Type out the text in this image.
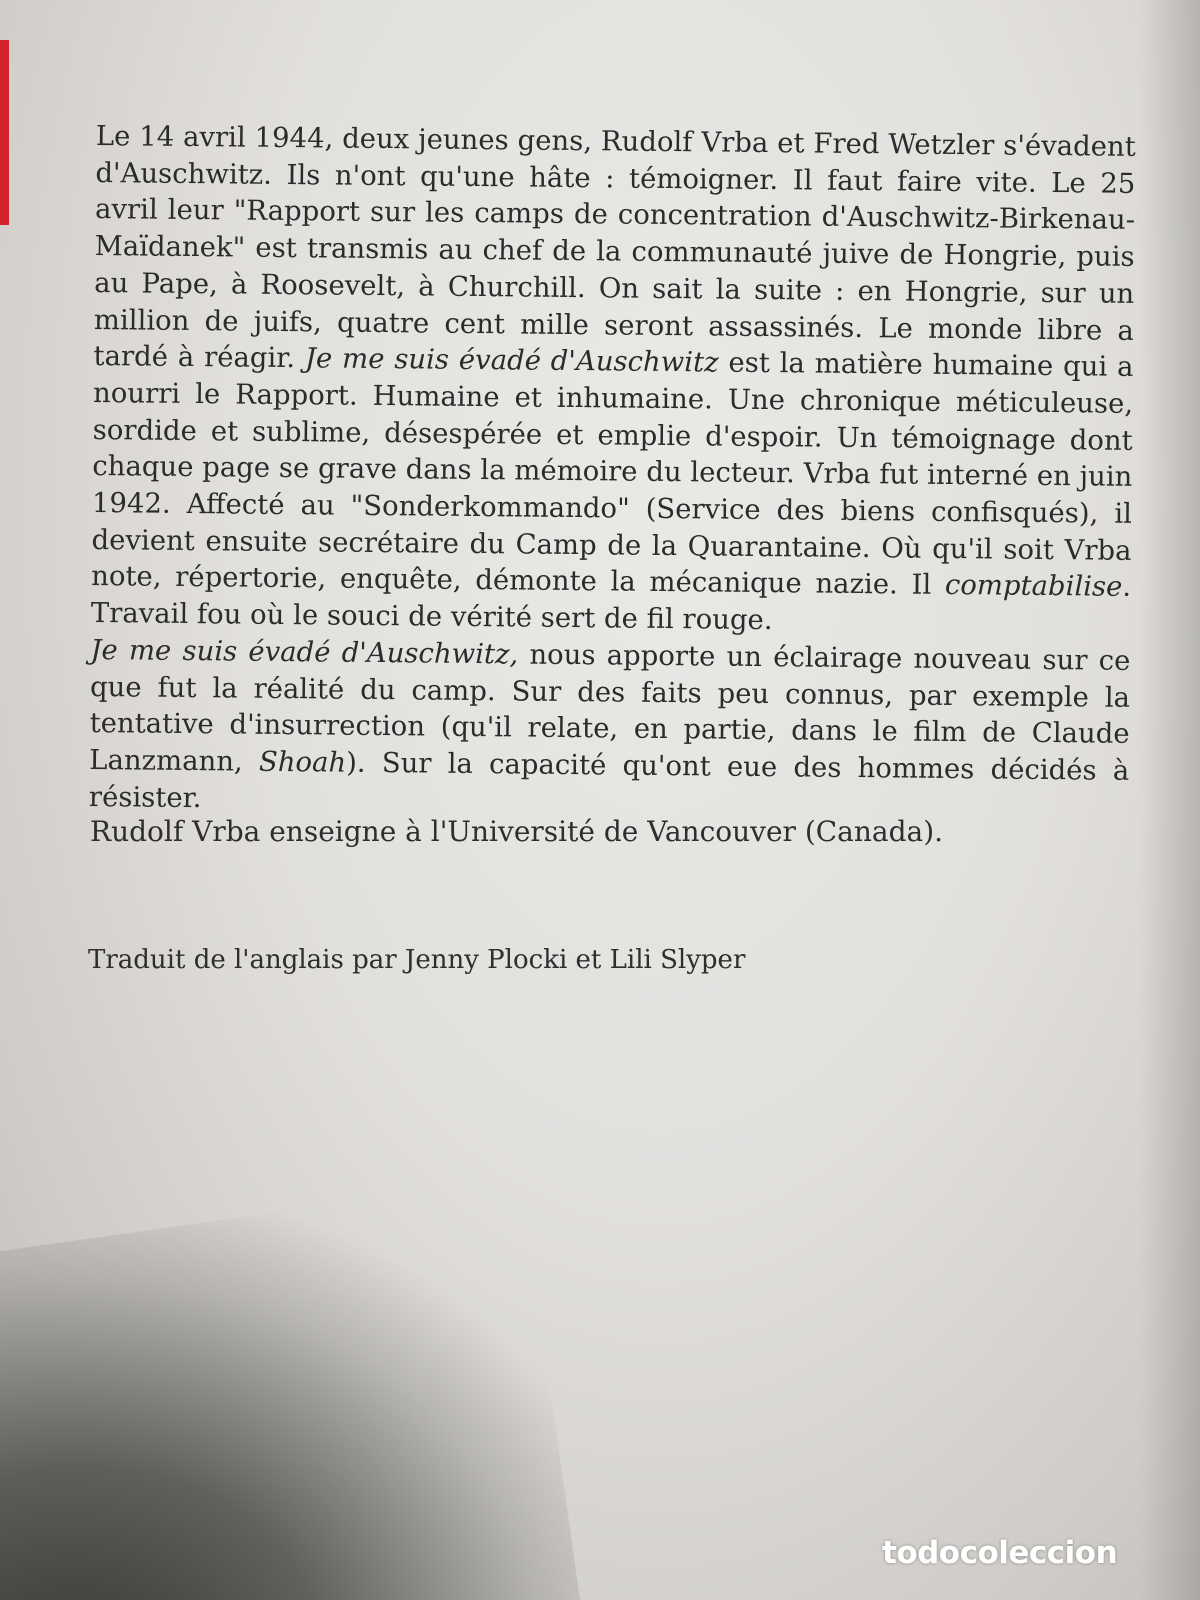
Le 14 avril 1944, deux jeunes gens, Rudolf Vrba et Fred Wetzler s'évadent d'Auschwitz. Ils n'ont qu'une hâte : témoigner. Il faut faire vite. Le 25 avril leur "Rapport sur les camps de concentration d'Auschwitz-Birkenau-Maïdanek" est transmis au chef de la communauté juive de Hongrie, puis au Pape, à Roosevelt, à Churchill. On sait la suite : en Hongrie, sur un million de juifs, quatre cent mille seront assassinés. Le monde libre a tardé à réagir. Je me suis évadé d'Auschwitz est la matière humaine qui a nourri le Rapport. Humaine et inhumaine. Une chronique méticuleuse, sordide et sublime, désespérée et emplie d'espoir. Un témoignage dont chaque page se grave dans la mémoire du lecteur. Vrba fut interné en juin 1942. Affecté au "Sonderkommando" (Service des biens confisqués), il devient ensuite secrétaire du Camp de la Quarantaine. Où qu'il soit Vrba note, répertorie, enquête, démonte la mécanique nazie. Il comptabilise. Travail fou où le souci de vérité sert de fil rouge.

Je me suis évadé d'Auschwitz, nous apporte un éclairage nouveau sur ce que fut la réalité du camp. Sur des faits peu connus, par exemple la tentative d'insurrection (qu'il relate, en partie, dans le film de Claude Lanzmann, Shoah). Sur la capacité qu'ont eue des hommes décidés à résister.

Rudolf Vrba enseigne à l'Université de Vancouver (Canada).

Traduit de l'anglais par Jenny Plocki et Lili Slyper

todocoleccion
